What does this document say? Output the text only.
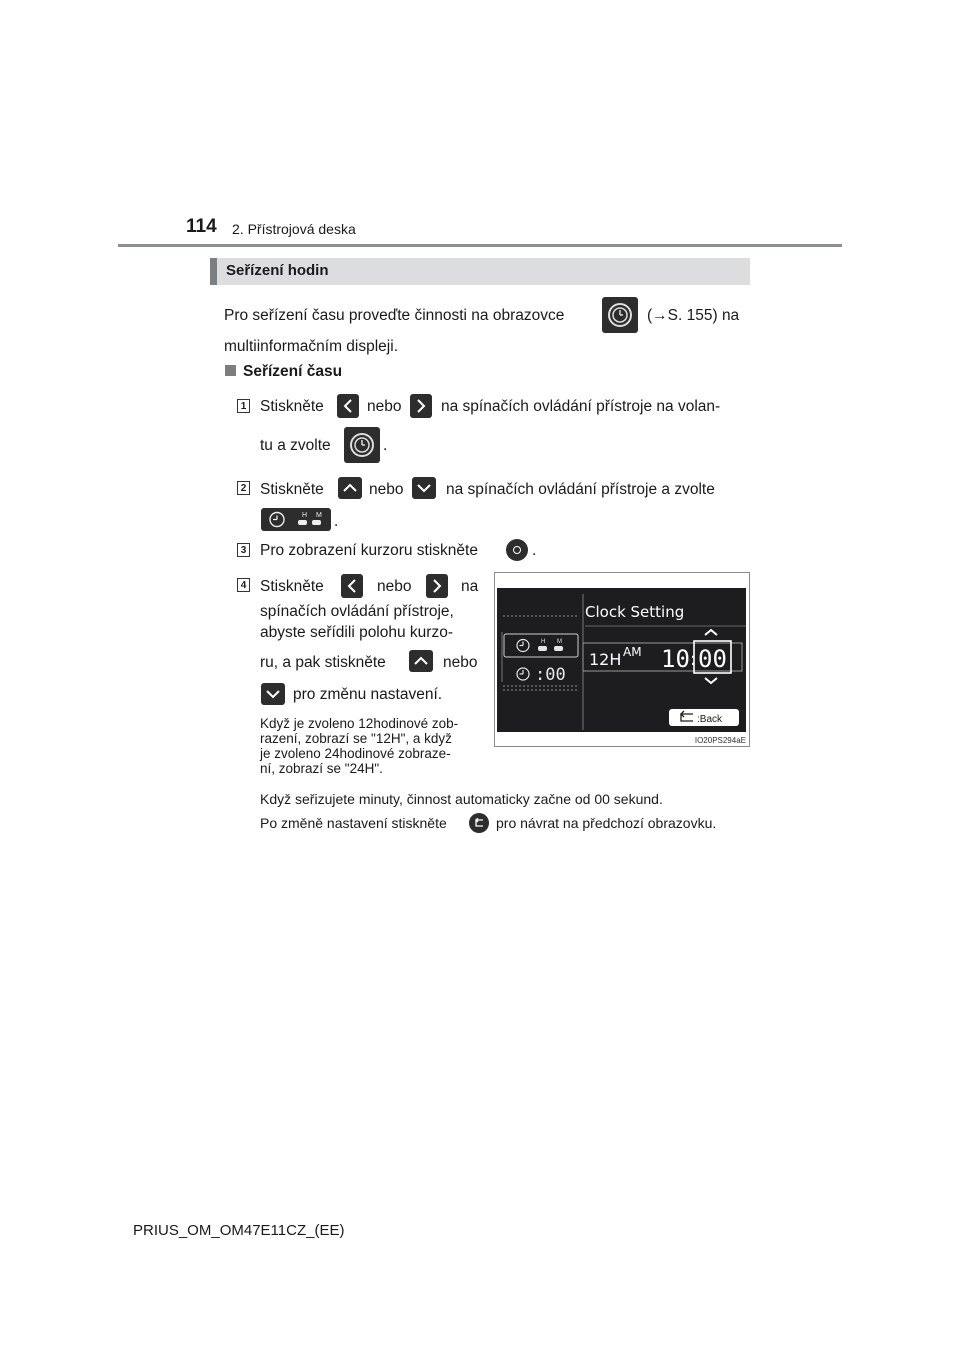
114 2. Přístrojová deska
Seřízení hodin
Pro seřízení času proveďte činnosti na obrazovce	(→S. 155) na
multiinformačním displeji.
Seřízení času
1 Stiskněte	nebo	na spínačích ovládání přístroje na volan-
tu a zvolte	.
2 Stiskněte	nebo	na spínačích ovládání přístroje a zvolte
H M .
3 Pro zobrazení kurzoru stiskněte	.
4 Stiskněte	nebo	na
spínačích ovládání přístroje,
abyste seřídili polohu kurzo-
ru, a pak stiskněte	nebo
pro změnu nastavení.
Když je zvoleno 12hodinové zob-
razení, zobrazí se "12H", a když
je zvoleno 24hodinové zobraze-
ní, zobrazí se "24H".
H M
:00
Clock Setting
12H AM 10 : 00
:Back
IO20PS294aE
Když seřizujete minuty, činnost automaticky začne od 00 sekund.
Po změně nastavení stiskněte	pro návrat na předchozí obrazovku.
PRIUS_OM_OM47E11CZ_(EE)
